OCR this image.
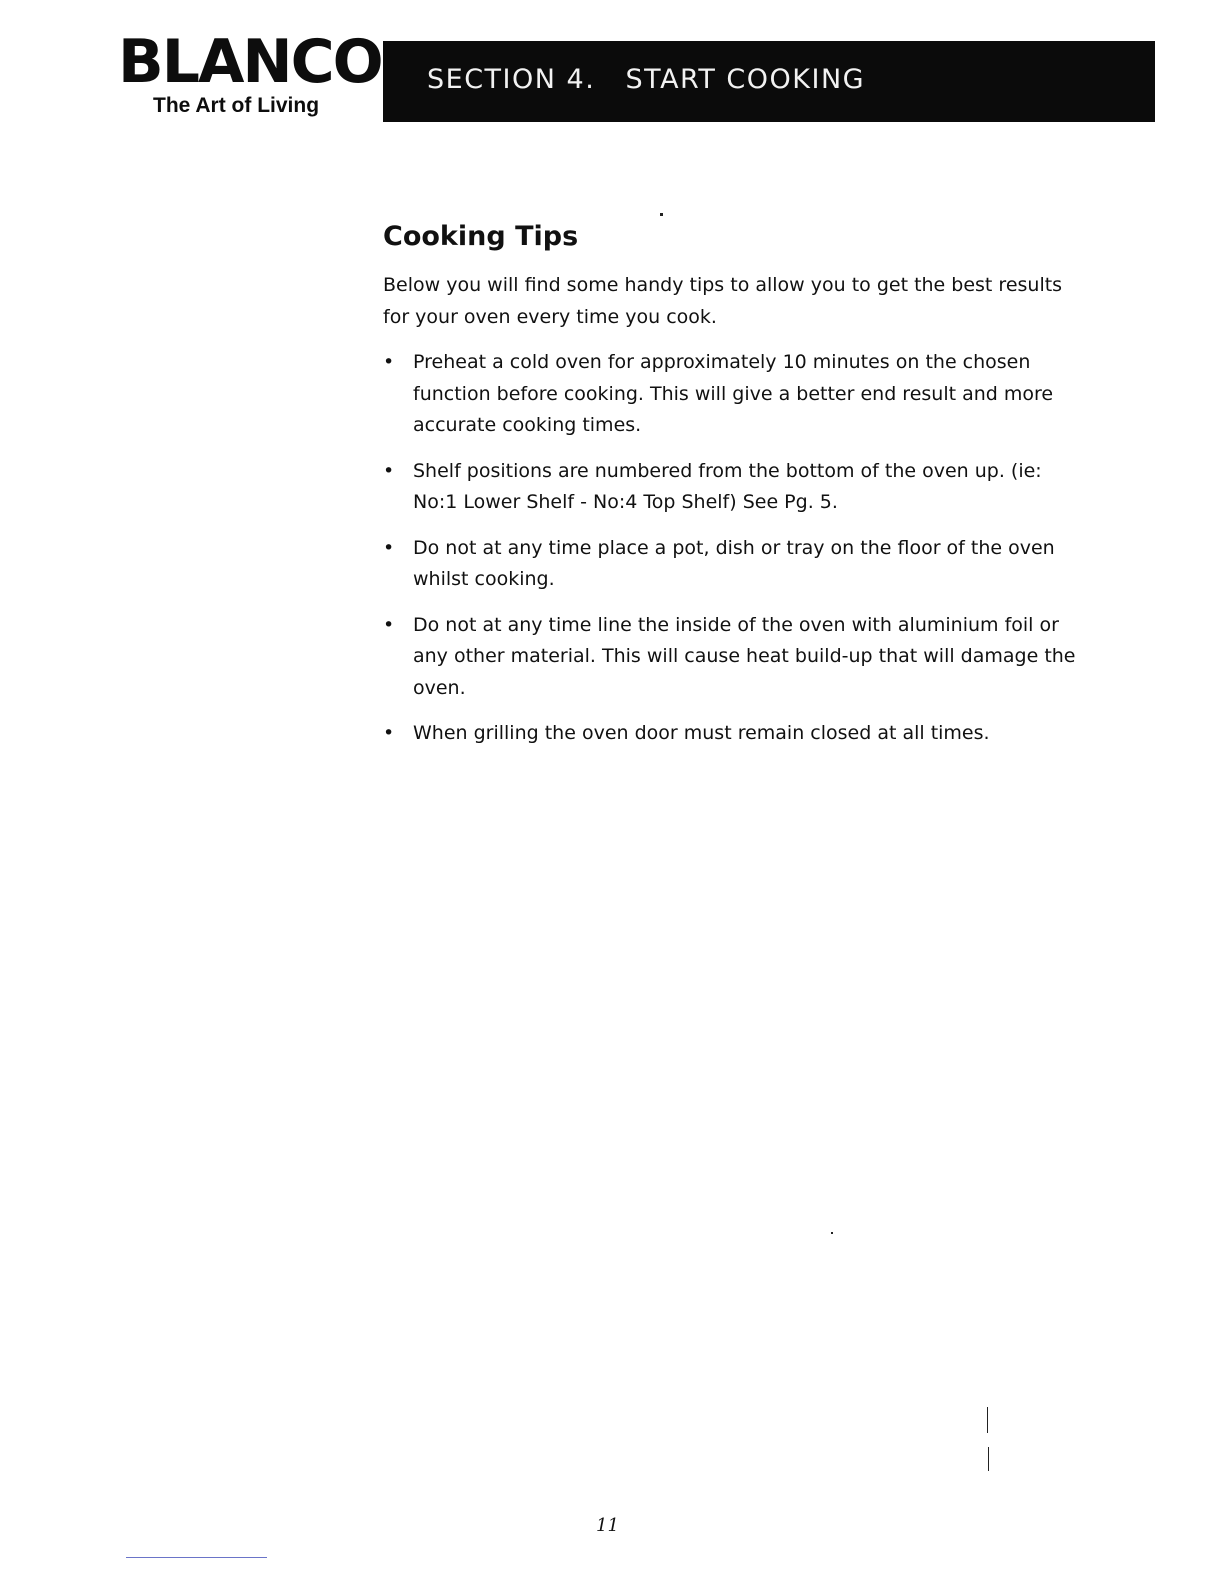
BLANCO
The Art of Living
SECTION 4.   START COOKING
Cooking Tips

Below you will find some handy tips to allow you to get the best results for your oven every time you cook.

• Preheat a cold oven for approximately 10 minutes on the chosen function before cooking. This will give a better end result and more accurate cooking times.
• Shelf positions are numbered from the bottom of the oven up. (ie: No:1 Lower Shelf - No:4 Top Shelf) See Pg. 5.
• Do not at any time place a pot, dish or tray on the floor of the oven whilst cooking.
• Do not at any time line the inside of the oven with aluminium foil or any other material. This will cause heat build-up that will damage the oven.
• When grilling the oven door must remain closed at all times.
11
